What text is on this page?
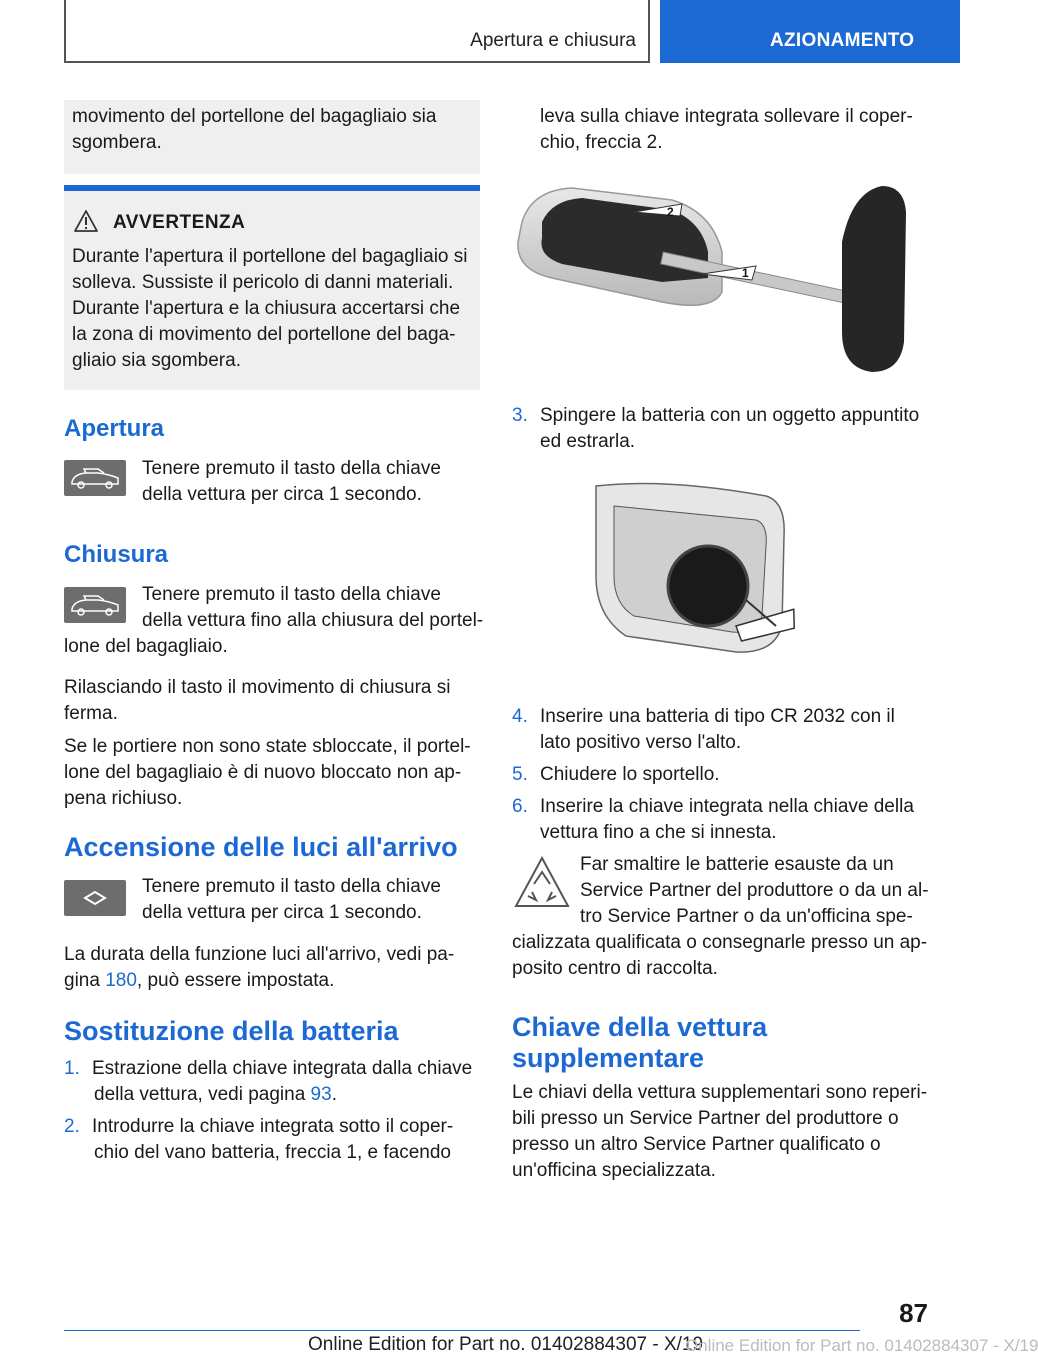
Apertura e chiusura	AZIONAMENTO
movimento del portellone del bagagliaio sia
sgombera.
AVVERTENZA
Durante l'apertura il portellone del bagagliaio si
solleva. Sussiste il pericolo di danni materiali.
Durante l'apertura e la chiusura accertarsi che
la zona di movimento del portellone del baga-
gliaio sia sgombera.
Apertura
Tenere premuto il tasto della chiave
della vettura per circa 1 secondo.
Chiusura
Tenere premuto il tasto della chiave
della vettura fino alla chiusura del portel-
lone del bagagliaio.
Rilasciando il tasto il movimento di chiusura si
ferma.
Se le portiere non sono state sbloccate, il portel-
lone del bagagliaio è di nuovo bloccato non ap-
pena richiuso.
Accensione delle luci all'arrivo
Tenere premuto il tasto della chiave
della vettura per circa 1 secondo.
La durata della funzione luci all'arrivo, vedi pa-
gina 180, può essere impostata.
Sostituzione della batteria
1. Estrazione della chiave integrata dalla chiave
della vettura, vedi pagina 93.
2. Introdurre la chiave integrata sotto il coper-
chio del vano batteria, freccia 1, e facendo
leva sulla chiave integrata sollevare il coper-
chio, freccia 2.
2
1
3. Spingere la batteria con un oggetto appuntito
ed estrarla.
4. Inserire una batteria di tipo CR 2032 con il
lato positivo verso l'alto.
5. Chiudere lo sportello.
6. Inserire la chiave integrata nella chiave della
vettura fino a che si innesta.
Far smaltire le batterie esauste da un
Service Partner del produttore o da un al-
tro Service Partner o da un'officina spe-
cializzata qualificata o consegnarle presso un ap-
posito centro di raccolta.
Chiave della vettura
supplementare
Le chiavi della vettura supplementari sono reperi-
bili presso un Service Partner del produttore o
presso un altro Service Partner qualificato o
un'officina specializzata.
87
Online Edition for Part no. 01402884307 - X/19
Online Edition for Part no. 01402884307 - X/19
